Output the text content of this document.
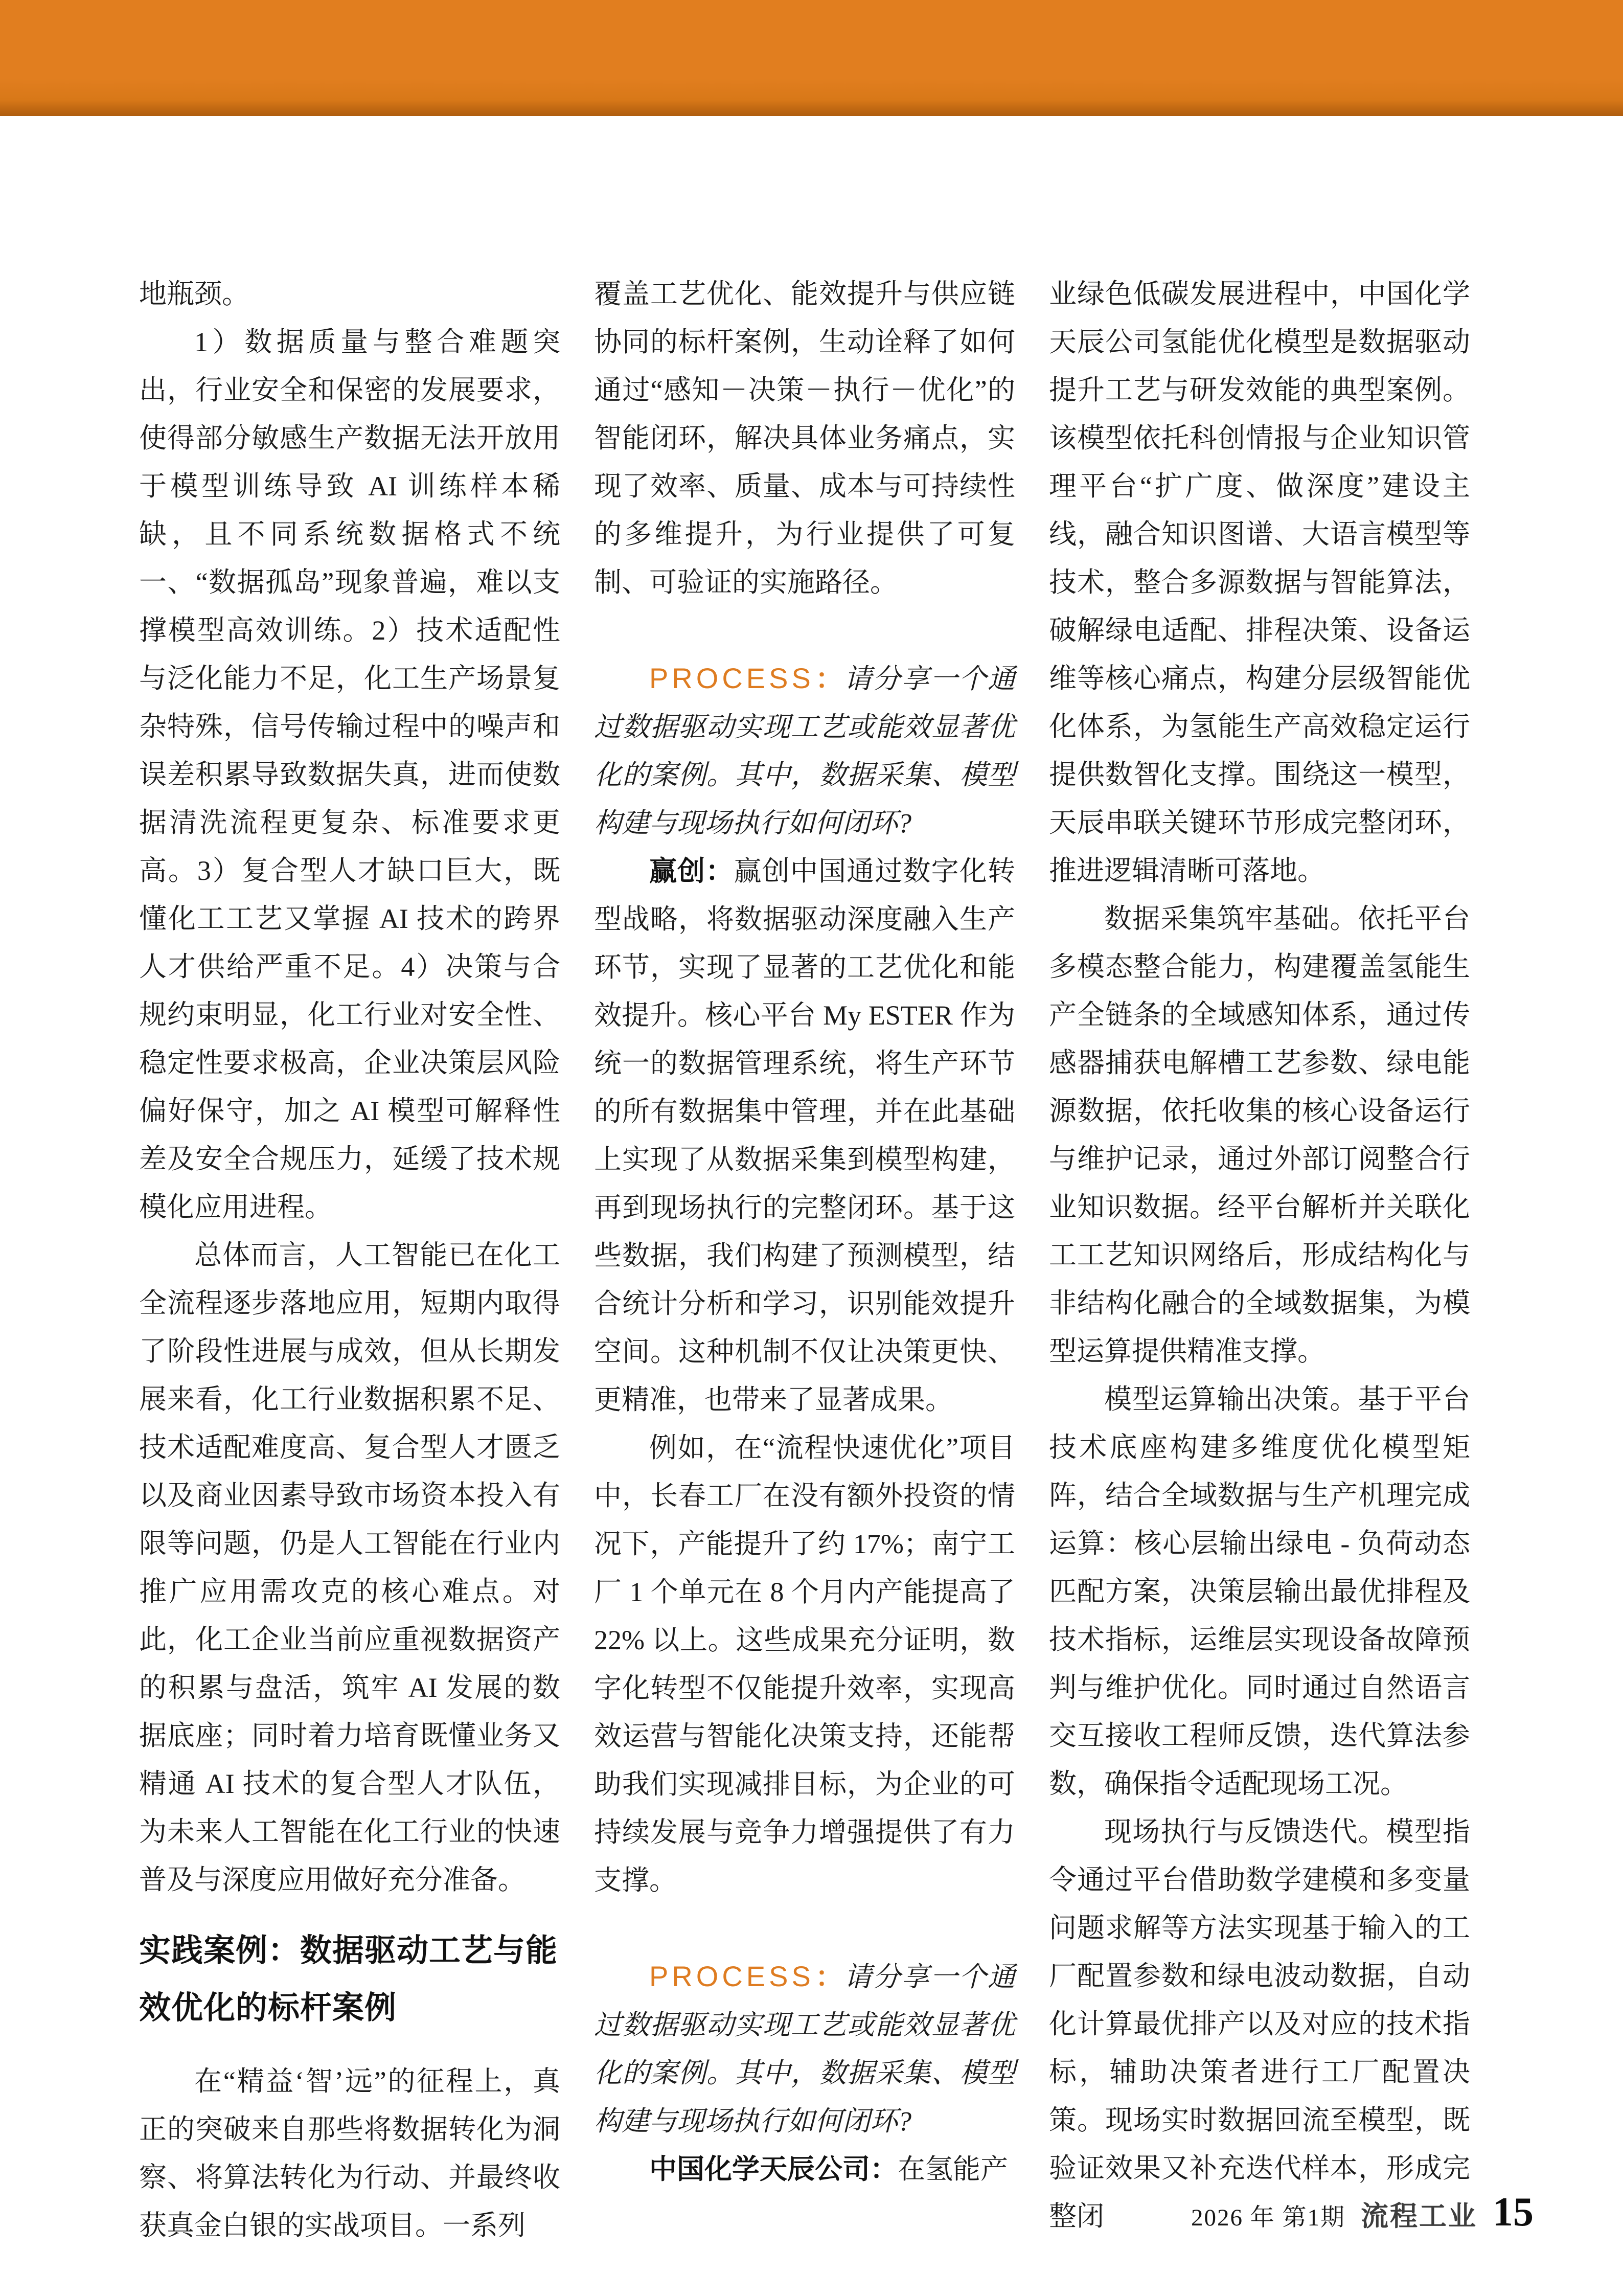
地瓶颈。

1）数据质量与整合难题突出，行业安全和保密的发展要求，使得部分敏感生产数据无法开放用于模型训练导致 AI 训练样本稀缺，且不同系统数据格式不统一、“数据孤岛”现象普遍，难以支撑模型高效训练。2）技术适配性与泛化能力不足，化工生产场景复杂特殊，信号传输过程中的噪声和误差积累导致数据失真，进而使数据清洗流程更复杂、标准要求更高。3）复合型人才缺口巨大，既懂化工工艺又掌握 AI 技术的跨界人才供给严重不足。4）决策与合规约束明显，化工行业对安全性、稳定性要求极高，企业决策层风险偏好保守，加之 AI 模型可解释性差及安全合规压力，延缓了技术规模化应用进程。

总体而言，人工智能已在化工全流程逐步落地应用，短期内取得了阶段性进展与成效，但从长期发展来看，化工行业数据积累不足、技术适配难度高、复合型人才匮乏以及商业因素导致市场资本投入有限等问题，仍是人工智能在行业内推广应用需攻克的核心难点。对此，化工企业当前应重视数据资产的积累与盘活，筑牢 AI 发展的数据底座；同时着力培育既懂业务又精通 AI 技术的复合型人才队伍，为未来人工智能在化工行业的快速普及与深度应用做好充分准备。

实践案例：数据驱动工艺与能效优化的标杆案例

在“精益‘智’远”的征程上，真正的突破来自那些将数据转化为洞察、将算法转化为行动、并最终收获真金白银的实战项目。一系列

覆盖工艺优化、能效提升与供应链协同的标杆案例，生动诠释了如何通过“感知－决策－执行－优化”的智能闭环，解决具体业务痛点，实现了效率、质量、成本与可持续性的多维提升，为行业提供了可复制、可验证的实施路径。

PROCESS：请分享一个通过数据驱动实现工艺或能效显著优化的案例。其中，数据采集、模型构建与现场执行如何闭环?

赢创：赢创中国通过数字化转型战略，将数据驱动深度融入生产环节，实现了显著的工艺优化和能效提升。核心平台 My ESTER 作为统一的数据管理系统，将生产环节的所有数据集中管理，并在此基础上实现了从数据采集到模型构建，再到现场执行的完整闭环。基于这些数据，我们构建了预测模型，结合统计分析和学习，识别能效提升空间。这种机制不仅让决策更快、更精准，也带来了显著成果。

例如，在“流程快速优化”项目中，长春工厂在没有额外投资的情况下，产能提升了约 17%；南宁工厂 1 个单元在 8 个月内产能提高了 22% 以上。这些成果充分证明，数字化转型不仅能提升效率，实现高效运营与智能化决策支持，还能帮助我们实现减排目标，为企业的可持续发展与竞争力增强提供了有力支撑。

PROCESS：请分享一个通过数据驱动实现工艺或能效显著优化的案例。其中，数据采集、模型构建与现场执行如何闭环?

中国化学天辰公司：在氢能产

业绿色低碳发展进程中，中国化学天辰公司氢能优化模型是数据驱动提升工艺与研发效能的典型案例。该模型依托科创情报与企业知识管理平台“扩广度、做深度”建设主线，融合知识图谱、大语言模型等技术，整合多源数据与智能算法，破解绿电适配、排程决策、设备运维等核心痛点，构建分层级智能优化体系，为氢能生产高效稳定运行提供数智化支撑。围绕这一模型，天辰串联关键环节形成完整闭环，推进逻辑清晰可落地。

数据采集筑牢基础。依托平台多模态整合能力，构建覆盖氢能生产全链条的全域感知体系，通过传感器捕获电解槽工艺参数、绿电能源数据，依托收集的核心设备运行与维护记录，通过外部订阅整合行业知识数据。经平台解析并关联化工工艺知识网络后，形成结构化与非结构化融合的全域数据集，为模型运算提供精准支撑。

模型运算输出决策。基于平台技术底座构建多维度优化模型矩阵，结合全域数据与生产机理完成运算：核心层输出绿电 - 负荷动态匹配方案，决策层输出最优排程及技术指标，运维层实现设备故障预判与维护优化。同时通过自然语言交互接收工程师反馈，迭代算法参数，确保指令适配现场工况。

现场执行与反馈迭代。模型指令通过平台借助数学建模和多变量问题求解等方法实现基于输入的工厂配置参数和绿电波动数据，自动化计算最优排产以及对应的技术指标，辅助决策者进行工厂配置决策。现场实时数据回流至模型，既验证效果又补充迭代样本，形成完整闭	2026 年 第1期 流程工业 15
